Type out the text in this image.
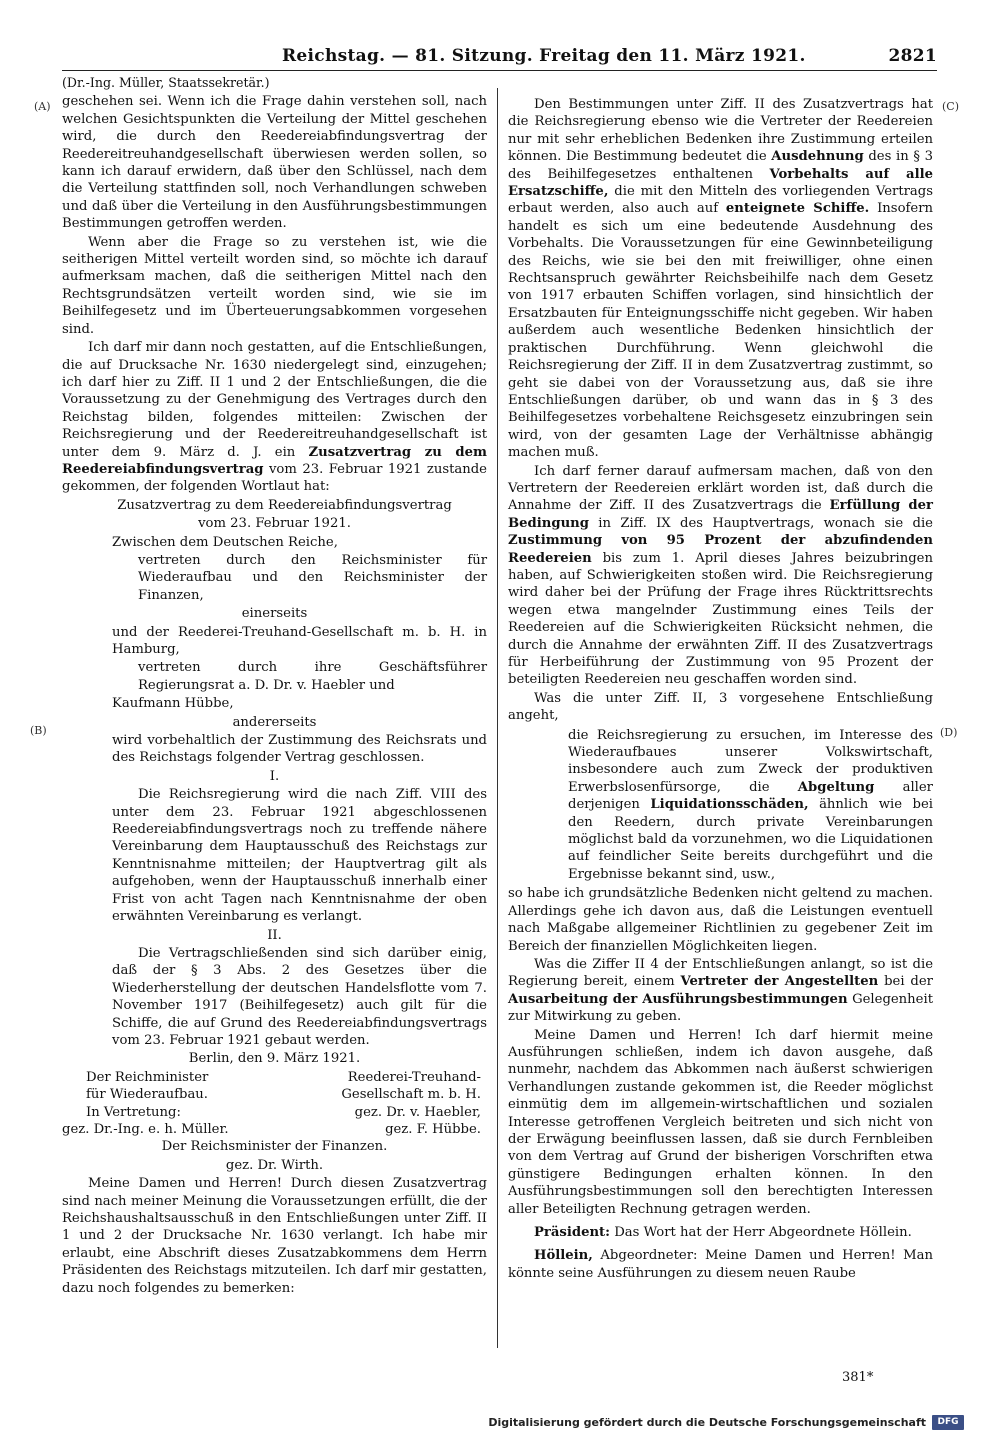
Reichstag. — 81. Sitzung. Freitag den 11. März 1921.	2821
(A)
(B)
(C)
(D)

(Dr.-Ing. Müller, Staatssekretär.)

geschehen sei. Wenn ich die Frage dahin verstehen soll, nach welchen Gesichtspunkten die Verteilung der Mittel geschehen wird, die durch den Reedereiabfindungsvertrag der Reedereitreuhandgesellschaft überwiesen werden sollen, so kann ich darauf erwidern, daß über den Schlüssel, nach dem die Verteilung stattfinden soll, noch Verhandlungen schweben und daß über die Verteilung in den Ausführungsbestimmungen Bestimmungen getroffen werden.

Wenn aber die Frage so zu verstehen ist, wie die seitherigen Mittel verteilt worden sind, so möchte ich darauf aufmerksam machen, daß die seitherigen Mittel nach den Rechtsgrundsätzen verteilt worden sind, wie sie im Beihilfegesetz und im Überteuerungsabkommen vorgesehen sind.

Ich darf mir dann noch gestatten, auf die Entschließungen, die auf Drucksache Nr. 1630 niedergelegt sind, einzugehen; ich darf hier zu Ziff. II 1 und 2 der Entschließungen, die die Voraussetzung zu der Genehmigung des Vertrages durch den Reichstag bilden, folgendes mitteilen: Zwischen der Reichsregierung und der Reedereitreuhandgesellschaft ist unter dem 9. März d. J. ein Zusatzvertrag zu dem Reedereiabfindungsvertrag vom 23. Februar 1921 zustande gekommen, der folgenden Wortlaut hat:

Zusatzvertrag zu dem Reedereiabfindungsvertrag

vom 23. Februar 1921.

Zwischen dem Deutschen Reiche,

vertreten durch den Reichsminister für Wiederaufbau und den Reichsminister der Finanzen,

einerseits

und der Reederei-Treuhand-Gesellschaft m. b. H. in Hamburg,

vertreten durch ihre Geschäftsführer Regierungsrat a. D. Dr. v. Haebler und

Kaufmann Hübbe,

andererseits

wird vorbehaltlich der Zustimmung des Reichsrats und des Reichstags folgender Vertrag geschlossen.

I.

Die Reichsregierung wird die nach Ziff. VIII des unter dem 23. Februar 1921 abgeschlossenen Reedereiabfindungsvertrags noch zu treffende nähere Vereinbarung dem Hauptausschuß des Reichstags zur Kenntnisnahme mitteilen; der Hauptvertrag gilt als aufgehoben, wenn der Hauptausschuß innerhalb einer Frist von acht Tagen nach Kenntnisnahme der oben erwähnten Vereinbarung es verlangt.

II.

Die Vertragschließenden sind sich darüber einig, daß der § 3 Abs. 2 des Gesetzes über die Wiederherstellung der deutschen Handelsflotte vom 7. November 1917 (Beihilfegesetz) auch gilt für die Schiffe, die auf Grund des Reedereiabfindungsvertrags vom 23. Februar 1921 gebaut werden.

Berlin, den 9. März 1921.

Der Reichminister	Reederei-Treuhand-
für Wiederaufbau.	Gesellschaft m. b. H.
In Vertretung:	gez. Dr. v. Haebler,
gez. Dr.-Ing. e. h. Müller.	gez. F. Hübbe.

Der Reichsminister der Finanzen.

gez. Dr. Wirth.

Meine Damen und Herren! Durch diesen Zusatzvertrag sind nach meiner Meinung die Voraussetzungen erfüllt, die der Reichshaushaltsausschuß in den Entschließungen unter Ziff. II 1 und 2 der Drucksache Nr. 1630 verlangt. Ich habe mir erlaubt, eine Abschrift dieses Zusatzabkommens dem Herrn Präsidenten des Reichstags mitzuteilen. Ich darf mir gestatten, dazu noch folgendes zu bemerken:

Den Bestimmungen unter Ziff. II des Zusatzvertrags hat die Reichsregierung ebenso wie die Vertreter der Reedereien nur mit sehr erheblichen Bedenken ihre Zustimmung erteilen können. Die Bestimmung bedeutet die Ausdehnung des in § 3 des Beihilfegesetzes enthaltenen Vorbehalts auf alle Ersatzschiffe, die mit den Mitteln des vorliegenden Vertrags erbaut werden, also auch auf enteignete Schiffe. Insofern handelt es sich um eine bedeutende Ausdehnung des Vorbehalts. Die Voraussetzungen für eine Gewinnbeteiligung des Reichs, wie sie bei den mit freiwilliger, ohne einen Rechtsanspruch gewährter Reichsbeihilfe nach dem Gesetz von 1917 erbauten Schiffen vorlagen, sind hinsichtlich der Ersatzbauten für Enteignungsschiffe nicht gegeben. Wir haben außerdem auch wesentliche Bedenken hinsichtlich der praktischen Durchführung. Wenn gleichwohl die Reichsregierung der Ziff. II in dem Zusatzvertrag zustimmt, so geht sie dabei von der Voraussetzung aus, daß sie ihre Entschließungen darüber, ob und wann das in § 3 des Beihilfegesetzes vorbehaltene Reichsgesetz einzubringen sein wird, von der gesamten Lage der Verhältnisse abhängig machen muß.

Ich darf ferner darauf aufmersam machen, daß von den Vertretern der Reedereien erklärt worden ist, daß durch die Annahme der Ziff. II des Zusatzvertrags die Erfüllung der Bedingung in Ziff. IX des Hauptvertrags, wonach sie die Zustimmung von 95 Prozent der abzufindenden Reedereien bis zum 1. April dieses Jahres beizubringen haben, auf Schwierigkeiten stoßen wird. Die Reichsregierung wird daher bei der Prüfung der Frage ihres Rücktrittsrechts wegen etwa mangelnder Zustimmung eines Teils der Reedereien auf die Schwierigkeiten Rücksicht nehmen, die durch die Annahme der erwähnten Ziff. II des Zusatzvertrags für Herbeiführung der Zustimmung von 95 Prozent der beteiligten Reedereien neu geschaffen worden sind.

Was die unter Ziff. II, 3 vorgesehene Entschließung angeht,

die Reichsregierung zu ersuchen, im Interesse des Wiederaufbaues unserer Volkswirtschaft, insbesondere auch zum Zweck der produktiven Erwerbslosenfürsorge, die Abgeltung aller derjenigen Liquidationsschäden, ähnlich wie bei den Reedern, durch private Vereinbarungen möglichst bald da vorzunehmen, wo die Liquidationen auf feindlicher Seite bereits durchgeführt und die Ergebnisse bekannt sind, usw.,

so habe ich grundsätzliche Bedenken nicht geltend zu machen. Allerdings gehe ich davon aus, daß die Leistungen eventuell nach Maßgabe allgemeiner Richtlinien zu gegebener Zeit im Bereich der finanziellen Möglichkeiten liegen.

Was die Ziffer II 4 der Entschließungen anlangt, so ist die Regierung bereit, einem Vertreter der Angestellten bei der Ausarbeitung der Ausführungsbestimmungen Gelegenheit zur Mitwirkung zu geben.

Meine Damen und Herren! Ich darf hiermit meine Ausführungen schließen, indem ich davon ausgehe, daß nunmehr, nachdem das Abkommen nach äußerst schwierigen Verhandlungen zustande gekommen ist, die Reeder möglichst einmütig dem im allgemein-wirtschaftlichen und sozialen Interesse getroffenen Vergleich beitreten und sich nicht von der Erwägung beeinflussen lassen, daß sie durch Fernbleiben von dem Vertrag auf Grund der bisherigen Vorschriften etwa günstigere Bedingungen erhalten können. In den Ausführungsbestimmungen soll den berechtigten Interessen aller Beteiligten Rechnung getragen werden.

Präsident: Das Wort hat der Herr Abgeordnete Höllein.

Höllein, Abgeordneter: Meine Damen und Herren! Man könnte seine Ausführungen zu diesem neuen Raube

381*
Digitalisierung gefördert durch die Deutsche Forschungsgemeinschaft	DFG
